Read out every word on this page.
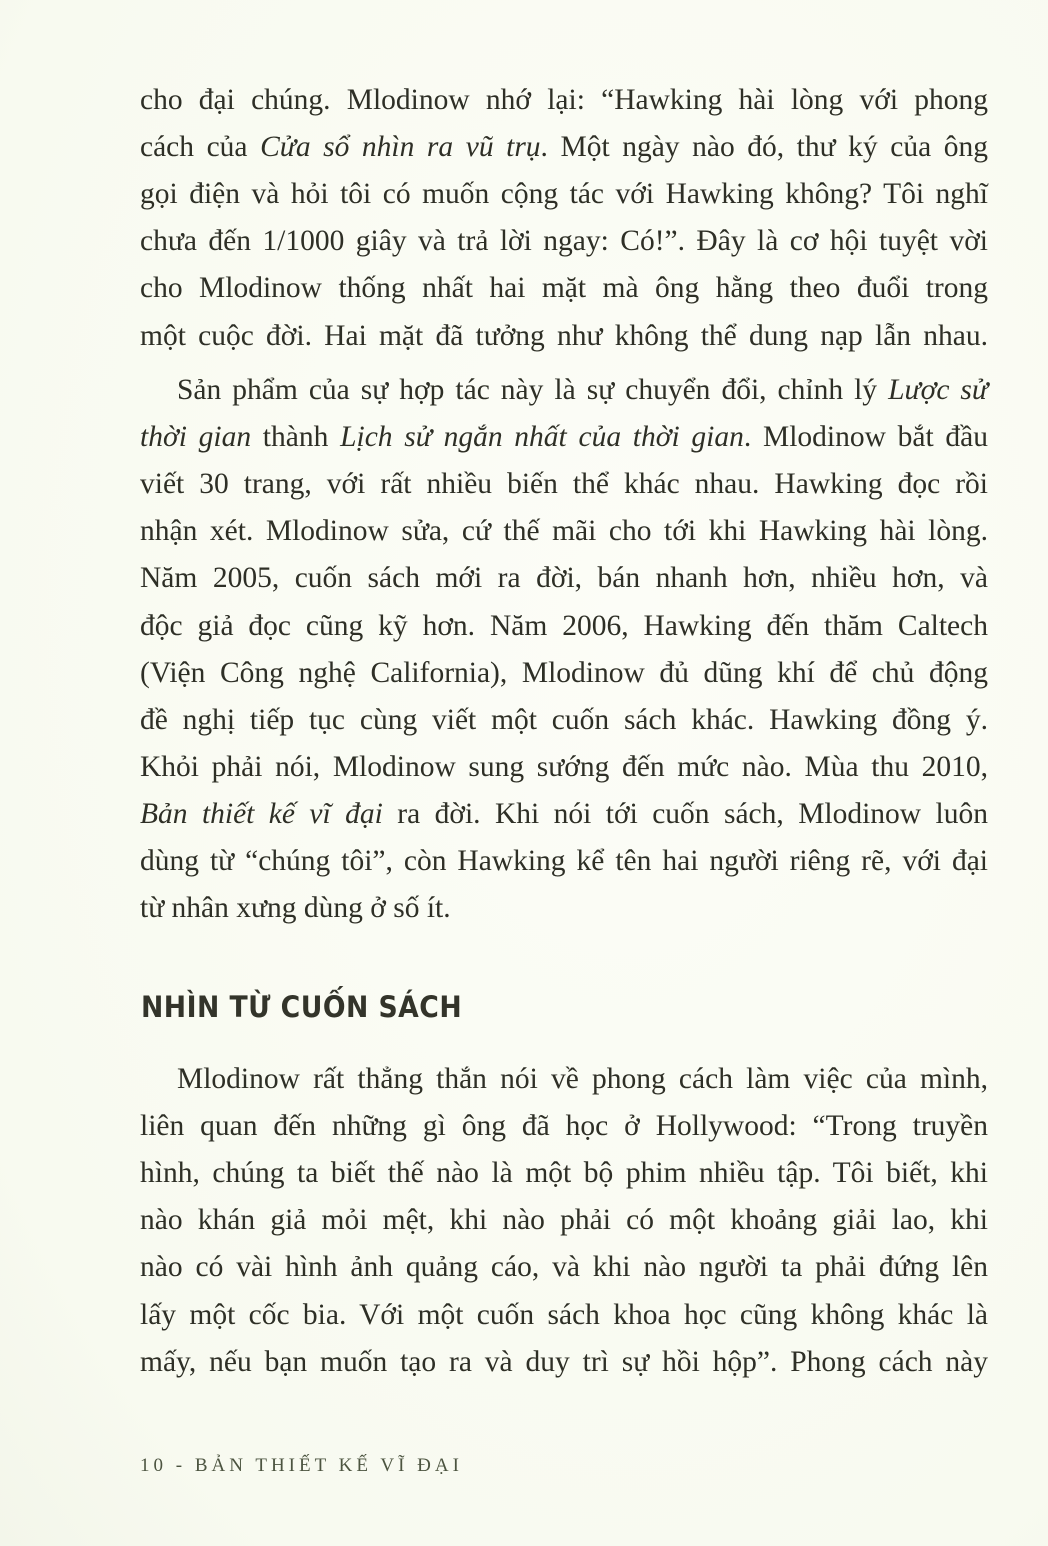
cho đại chúng. Mlodinow nhớ lại: “Hawking hài lòng với phong
cách của Cửa sổ nhìn ra vũ trụ. Một ngày nào đó, thư ký của ông
gọi điện và hỏi tôi có muốn cộng tác với Hawking không? Tôi nghĩ
chưa đến 1/1000 giây và trả lời ngay: Có!”. Đây là cơ hội tuyệt vời
cho Mlodinow thống nhất hai mặt mà ông hằng theo đuổi trong
một cuộc đời. Hai mặt đã tưởng như không thể dung nạp lẫn nhau.
Sản phẩm của sự hợp tác này là sự chuyển đổi, chỉnh lý Lược sử
thời gian thành Lịch sử ngắn nhất của thời gian. Mlodinow bắt đầu
viết 30 trang, với rất nhiều biến thể khác nhau. Hawking đọc rồi
nhận xét. Mlodinow sửa, cứ thế mãi cho tới khi Hawking hài lòng.
Năm 2005, cuốn sách mới ra đời, bán nhanh hơn, nhiều hơn, và
độc giả đọc cũng kỹ hơn. Năm 2006, Hawking đến thăm Caltech
(Viện Công nghệ California), Mlodinow đủ dũng khí để chủ động
đề nghị tiếp tục cùng viết một cuốn sách khác. Hawking đồng ý.
Khỏi phải nói, Mlodinow sung sướng đến mức nào. Mùa thu 2010,
Bản thiết kế vĩ đại ra đời. Khi nói tới cuốn sách, Mlodinow luôn
dùng từ “chúng tôi”, còn Hawking kể tên hai người riêng rẽ, với đại
từ nhân xưng dùng ở số ít.
Mlodinow rất thẳng thắn nói về phong cách làm việc của mình,
liên quan đến những gì ông đã học ở Hollywood: “Trong truyền
hình, chúng ta biết thế nào là một bộ phim nhiều tập. Tôi biết, khi
nào khán giả mỏi mệt, khi nào phải có một khoảng giải lao, khi
nào có vài hình ảnh quảng cáo, và khi nào người ta phải đứng lên
lấy một cốc bia. Với một cuốn sách khoa học cũng không khác là
mấy, nếu bạn muốn tạo ra và duy trì sự hồi hộp”. Phong cách này
NHÌN TỪ CUỐN SÁCH
10 - BẢN THIẾT KẾ VĨ ĐẠI
